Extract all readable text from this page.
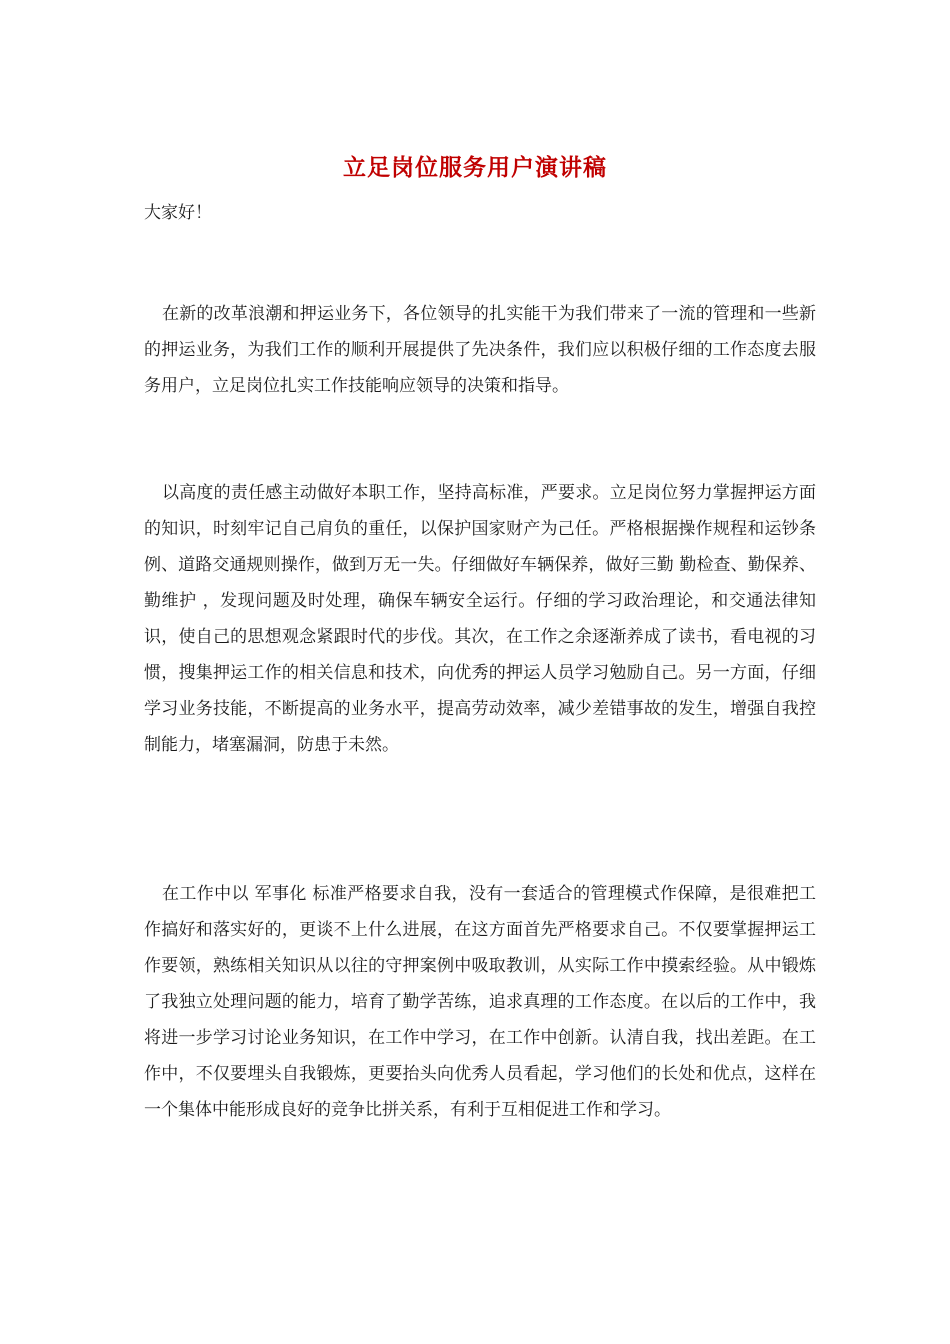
立足岗位服务用户演讲稿
大家好！

在新的改革浪潮和押运业务下，各位领导的扎实能干为我们带来了一流的管理和一些新的押运业务，为我们工作的顺利开展提供了先决条件，我们应以积极仔细的工作态度去服务用户，立足岗位扎实工作技能响应领导的决策和指导。

以高度的责任感主动做好本职工作，坚持高标准，严要求。立足岗位努力掌握押运方面的知识，时刻牢记自己肩负的重任，以保护国家财产为己任。严格根据操作规程和运钞条例、道路交通规则操作，做到万无一失。仔细做好车辆保养，做好三勤 勤检查、勤保养、勤维护 ，发现问题及时处理，确保车辆安全运行。仔细的学习政治理论，和交通法律知识，使自己的思想观念紧跟时代的步伐。其次，在工作之余逐渐养成了读书，看电视的习惯，搜集押运工作的相关信息和技术，向优秀的押运人员学习勉励自己。另一方面，仔细学习业务技能，不断提高的业务水平，提高劳动效率，减少差错事故的发生，增强自我控制能力，堵塞漏洞，防患于未然。

在工作中以 军事化 标准严格要求自我，没有一套适合的管理模式作保障，是很难把工作搞好和落实好的，更谈不上什么进展，在这方面首先严格要求自己。不仅要掌握押运工作要领，熟练相关知识从以往的守押案例中吸取教训，从实际工作中摸索经验。从中锻炼了我独立处理问题的能力，培育了勤学苦练，追求真理的工作态度。在以后的工作中，我将进一步学习讨论业务知识，在工作中学习，在工作中创新。认清自我，找出差距。在工作中，不仅要埋头自我锻炼，更要抬头向优秀人员看起，学习他们的长处和优点，这样在一个集体中能形成良好的竞争比拼关系，有利于互相促进工作和学习。
